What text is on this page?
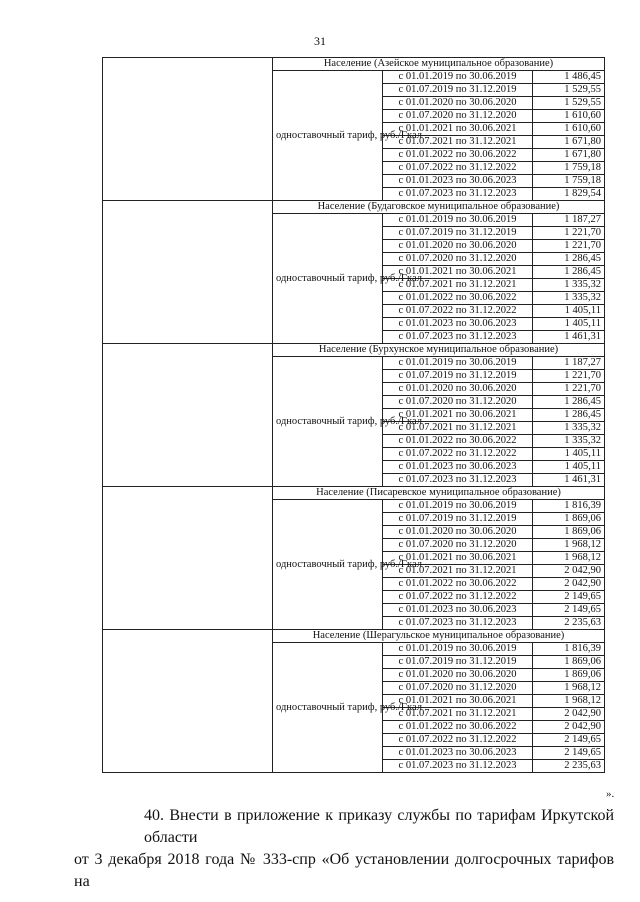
31
	Население (Азейское муниципальное образование)		
	одноставочный тариф, руб./Гкал	с 01.01.2019 по 30.06.2019	1 486,45
		с 01.07.2019 по 31.12.2019	1 529,55
		с 01.01.2020 по 30.06.2020	1 529,55
		с 01.07.2020 по 31.12.2020	1 610,60
		с 01.01.2021 по 30.06.2021	1 610,60
		с 01.07.2021 по 31.12.2021	1 671,80
		с 01.01.2022 по 30.06.2022	1 671,80
		с 01.07.2022 по 31.12.2022	1 759,18
		с 01.01.2023 по 30.06.2023	1 759,18
		с 01.07.2023 по 31.12.2023	1 829,54
	Население (Будаговское муниципальное образование)		
	одноставочный тариф, руб./Гкал	с 01.01.2019 по 30.06.2019	1 187,27
		с 01.07.2019 по 31.12.2019	1 221,70
		с 01.01.2020 по 30.06.2020	1 221,70
		с 01.07.2020 по 31.12.2020	1 286,45
		с 01.01.2021 по 30.06.2021	1 286,45
		с 01.07.2021 по 31.12.2021	1 335,32
		с 01.01.2022 по 30.06.2022	1 335,32
		с 01.07.2022 по 31.12.2022	1 405,11
		с 01.01.2023 по 30.06.2023	1 405,11
		с 01.07.2023 по 31.12.2023	1 461,31
	Население (Бурхунское муниципальное образование)		
	одноставочный тариф, руб./Гкал	с 01.01.2019 по 30.06.2019	1 187,27
		с 01.07.2019 по 31.12.2019	1 221,70
		с 01.01.2020 по 30.06.2020	1 221,70
		с 01.07.2020 по 31.12.2020	1 286,45
		с 01.01.2021 по 30.06.2021	1 286,45
		с 01.07.2021 по 31.12.2021	1 335,32
		с 01.01.2022 по 30.06.2022	1 335,32
		с 01.07.2022 по 31.12.2022	1 405,11
		с 01.01.2023 по 30.06.2023	1 405,11
		с 01.07.2023 по 31.12.2023	1 461,31
	Население (Писаревское муниципальное образование)		
	одноставочный тариф, руб./Гкал	с 01.01.2019 по 30.06.2019	1 816,39
		с 01.07.2019 по 31.12.2019	1 869,06
		с 01.01.2020 по 30.06.2020	1 869,06
		с 01.07.2020 по 31.12.2020	1 968,12
		с 01.01.2021 по 30.06.2021	1 968,12
		с 01.07.2021 по 31.12.2021	2 042,90
		с 01.01.2022 по 30.06.2022	2 042,90
		с 01.07.2022 по 31.12.2022	2 149,65
		с 01.01.2023 по 30.06.2023	2 149,65
		с 01.07.2023 по 31.12.2023	2 235,63
	Население (Шерагульское муниципальное образование)		
	одноставочный тариф, руб./Гкал	с 01.01.2019 по 30.06.2019	1 816,39
		с 01.07.2019 по 31.12.2019	1 869,06
		с 01.01.2020 по 30.06.2020	1 869,06
		с 01.07.2020 по 31.12.2020	1 968,12
		с 01.01.2021 по 30.06.2021	1 968,12
		с 01.07.2021 по 31.12.2021	2 042,90
		с 01.01.2022 по 30.06.2022	2 042,90
		с 01.07.2022 по 31.12.2022	2 149,65
		с 01.01.2023 по 30.06.2023	2 149,65
		с 01.07.2023 по 31.12.2023	2 235,63
».
40. Внести в приложение к приказу службы по тарифам Иркутской области
от 3 декабря 2018 года № 333-спр «Об установлении долгосрочных тарифов на
